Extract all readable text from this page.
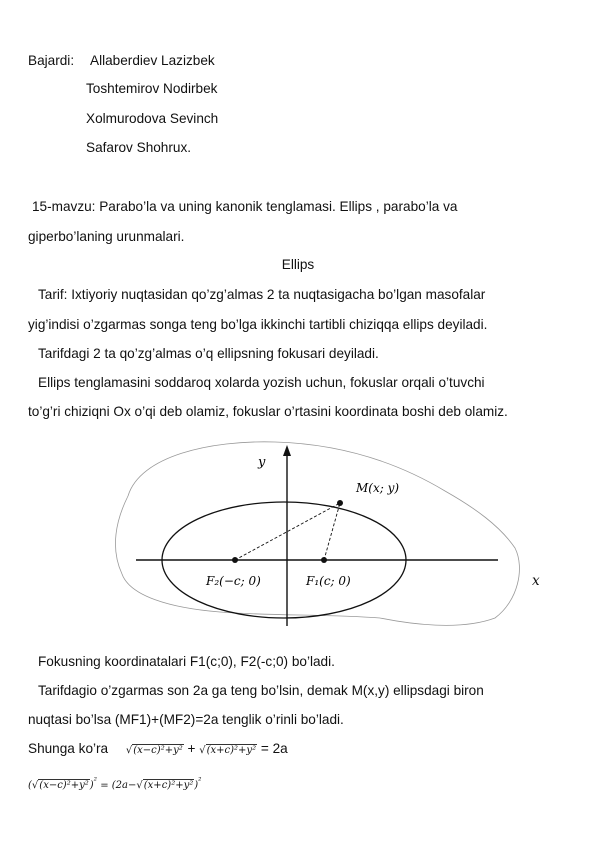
Bajardi: Allaberdiev Lazizbek
Toshtemirov Nodirbek
Xolmurodova Sevinch
Safarov Shohrux.
15-mavzu: Parabo’la va uning kanonik tenglamasi. Ellips , parabo’la va
giperbo’laning urunmalari.
Ellips
Tarif: Ixtiyoriy nuqtasidan qo’zg’almas 2 ta nuqtasigacha bo’lgan masofalar
yig’indisi o’zgarmas songa teng bo’lga ikkinchi tartibli chiziqqa ellips deyiladi.
Tarifdagi 2 ta qo’zg’almas o’q ellipsning fokusari deyiladi.
Ellips tenglamasini soddaroq xolarda yozish uchun, fokuslar orqali o’tuvchi
to’g’ri chiziqni Ox o’qi deb olamiz, fokuslar o’rtasini koordinata boshi deb olamiz.
y
M(x; y)
F₂(−c; 0)	F₁(c; 0)	x
Fokusning koordinatalari F1(c;0), F2(-c;0) bo’ladi.
Tarifdagio o’zgarmas son 2a ga teng bo’lsin, demak M(x,y) ellipsdagi biron
nuqtasi bo’lsa (MF1)+(MF2)=2a tenglik o’rinli bo’ladi.
Shunga ko’ra √(x−c)²+y² + √(x+c)²+y² = 2a
$(√(x-c)^2+y^2)^{^2} = (2a-√(x+c)^2+y^2)^{^2}$
